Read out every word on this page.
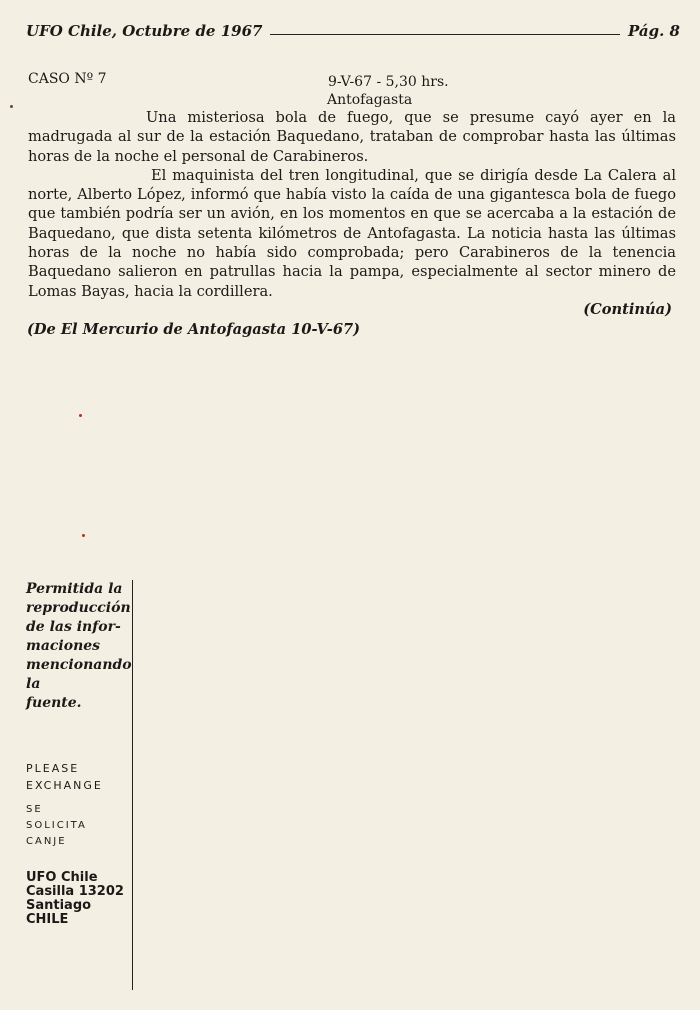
UFO Chile, Octubre de 1967	Pág. 8
CASO Nº 7	9-V-67 - 5,30 hrs.
Antofagasta

Una misteriosa bola de fuego, que se presume cayó ayer en la madrugada al sur de la estación Baquedano, trataban de comprobar hasta las últimas horas de la noche el personal de Carabineros.

El maquinista del tren longitudinal, que se dirigía desde La Calera al norte, Alberto López, informó que había visto la caída de una gigantesca bola de fuego que también podría ser un avión, en los momentos en que se acercaba a la estación de Baquedano, que dista setenta kilómetros de Antofagasta. La noticia hasta las últimas horas de la noche no había sido comprobada; pero Carabineros de la tenencia Baquedano salieron en patrullas hacia la pampa, especialmente al sector minero de Lomas Bayas, hacia la cordillera.

(Continúa)
(De El Mercurio de Antofagasta 10-V-67)
Permitida la
reproducción
de las infor-
maciones mencionando la
fuente.
PLEASE
EXCHANGE
SE
SOLICITA
CANJE
UFO Chile
Casilla 13202
Santiago
CHILE
